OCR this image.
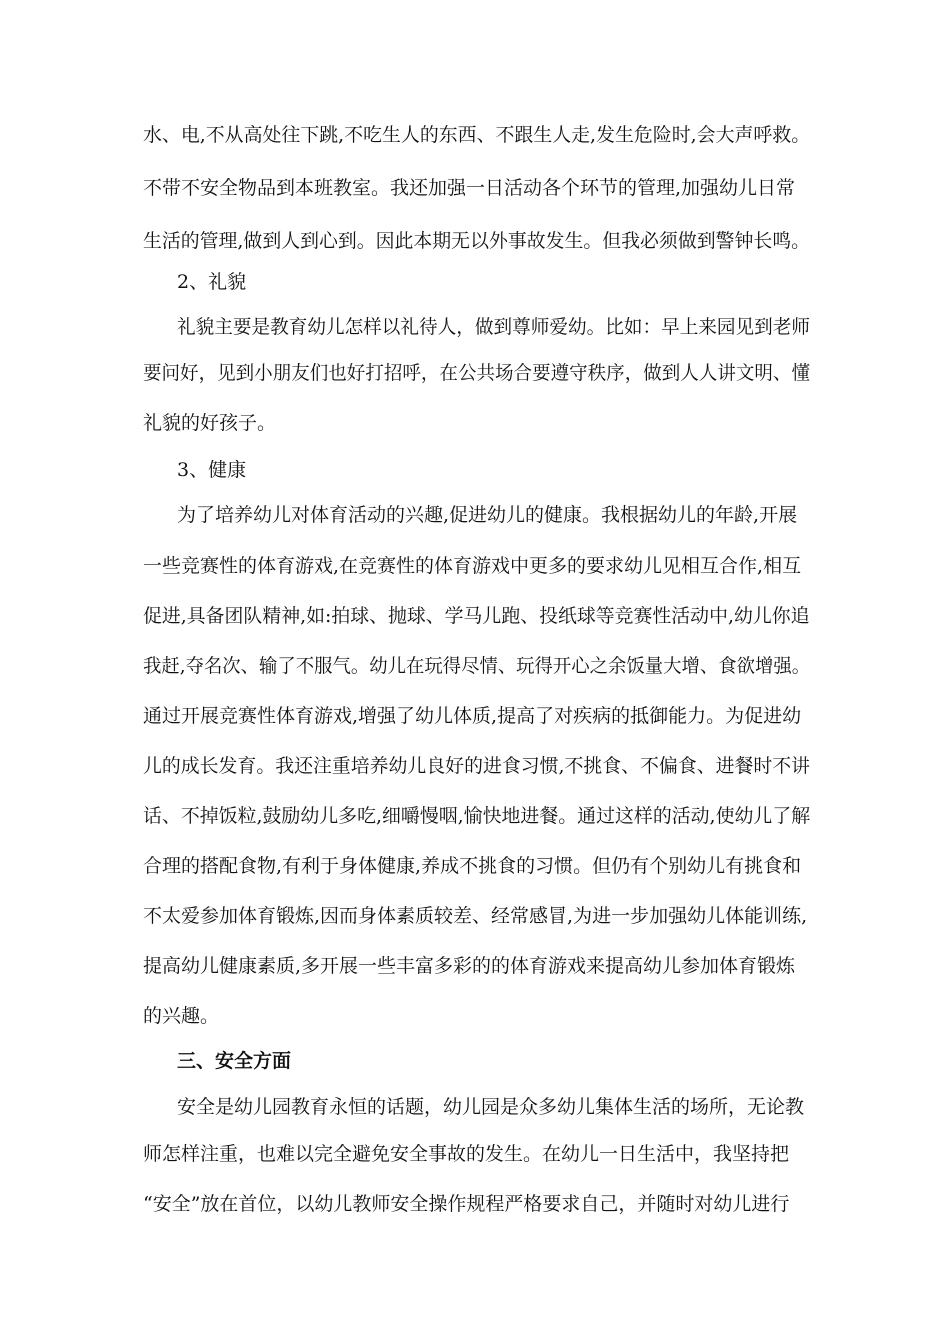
水、电,不从高处往下跳,不吃生人的东西、不跟生人走,发生危险时,会大声呼救。
不带不安全物品到本班教室。我还加强一日活动各个环节的管理,加强幼儿日常
生活的管理,做到人到心到。因此本期无以外事故发生。但我必须做到警钟长鸣。
2、礼貌
礼貌主要是教育幼儿怎样以礼待人，做到尊师爱幼。比如：早上来园见到老师
要问好，见到小朋友们也好打招呼，在公共场合要遵守秩序，做到人人讲文明、懂
礼貌的好孩子。
3、健康
为了培养幼儿对体育活动的兴趣,促进幼儿的健康。我根据幼儿的年龄,开展
一些竞赛性的体育游戏,在竞赛性的体育游戏中更多的要求幼儿见相互合作,相互
促进,具备团队精神,如:拍球、抛球、学马儿跑、投纸球等竞赛性活动中,幼儿你追
我赶,夺名次、输了不服气。幼儿在玩得尽情、玩得开心之余饭量大增、食欲增强。
通过开展竞赛性体育游戏,增强了幼儿体质,提高了对疾病的抵御能力。为促进幼
儿的成长发育。我还注重培养幼儿良好的进食习惯,不挑食、不偏食、进餐时不讲
话、不掉饭粒,鼓励幼儿多吃,细嚼慢咽,愉快地进餐。通过这样的活动,使幼儿了解
合理的搭配食物,有利于身体健康,养成不挑食的习惯。但仍有个别幼儿有挑食和
不太爱参加体育锻炼,因而身体素质较差、经常感冒,为进一步加强幼儿体能训练,
提高幼儿健康素质,多开展一些丰富多彩的的体育游戏来提高幼儿参加体育锻炼
的兴趣。
三、安全方面
安全是幼儿园教育永恒的话题，幼儿园是众多幼儿集体生活的场所，无论教
师怎样注重，也难以完全避免安全事故的发生。在幼儿一日生活中，我坚持把
“安全”放在首位，以幼儿教师安全操作规程严格要求自己，并随时对幼儿进行
